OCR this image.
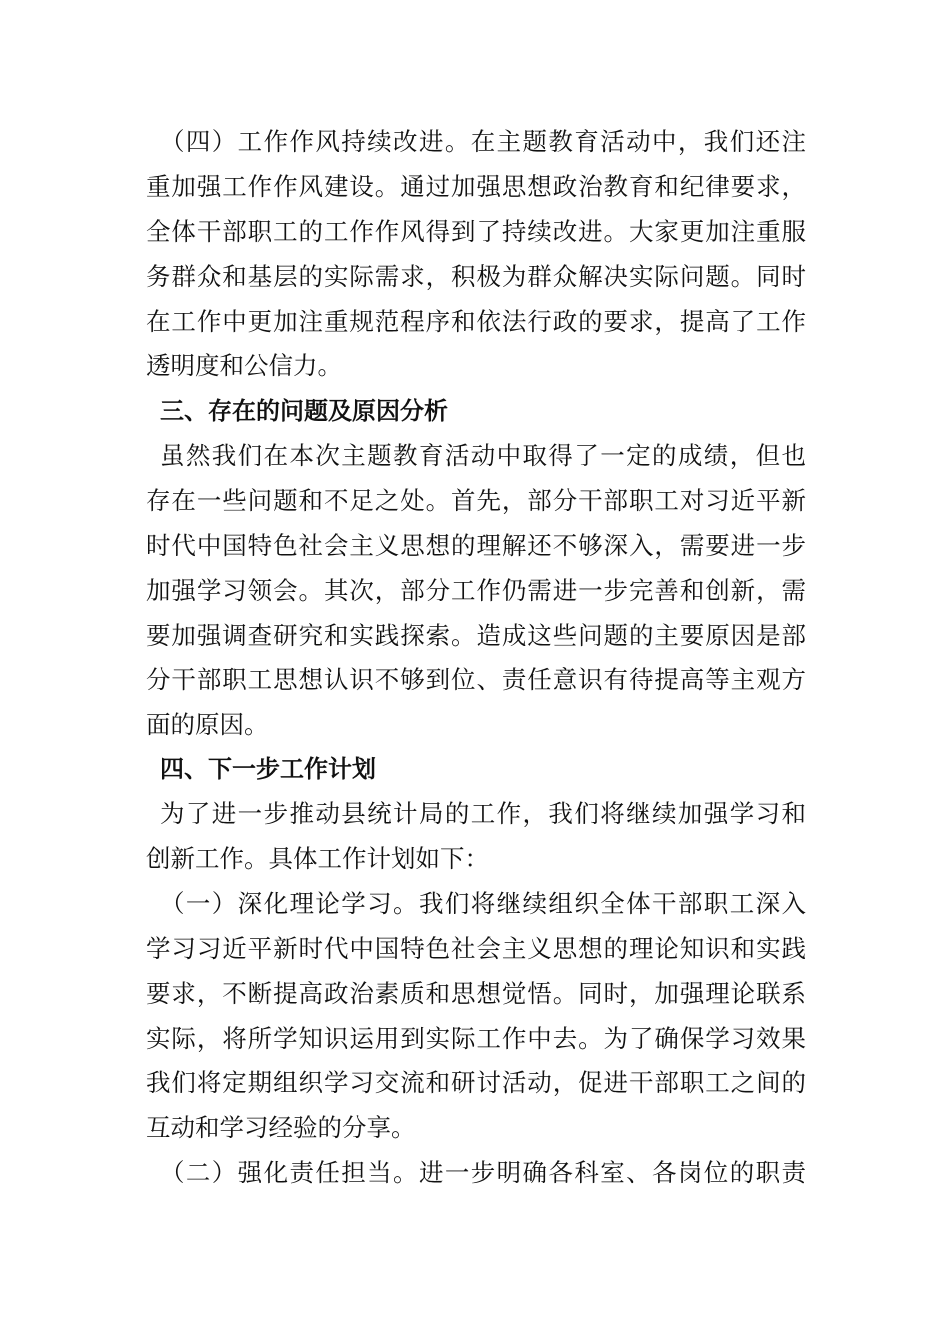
（四）工作作风持续改进。在主题教育活动中，我们还注
重加强工作作风建设。通过加强思想政治教育和纪律要求，
全体干部职工的工作作风得到了持续改进。大家更加注重服
务群众和基层的实际需求，积极为群众解决实际问题。同时
在工作中更加注重规范程序和依法行政的要求，提高了工作
透明度和公信力。
三、存在的问题及原因分析
虽然我们在本次主题教育活动中取得了一定的成绩，但也
存在一些问题和不足之处。首先，部分干部职工对习近平新
时代中国特色社会主义思想的理解还不够深入，需要进一步
加强学习领会。其次，部分工作仍需进一步完善和创新，需
要加强调查研究和实践探索。造成这些问题的主要原因是部
分干部职工思想认识不够到位、责任意识有待提高等主观方
面的原因。
四、下一步工作计划
为了进一步推动县统计局的工作，我们将继续加强学习和
创新工作。具体工作计划如下：
（一）深化理论学习。我们将继续组织全体干部职工深入
学习习近平新时代中国特色社会主义思想的理论知识和实践
要求，不断提高政治素质和思想觉悟。同时，加强理论联系
实际，将所学知识运用到实际工作中去。为了确保学习效果
我们将定期组织学习交流和研讨活动，促进干部职工之间的
互动和学习经验的分享。
（二）强化责任担当。进一步明确各科室、各岗位的职责
